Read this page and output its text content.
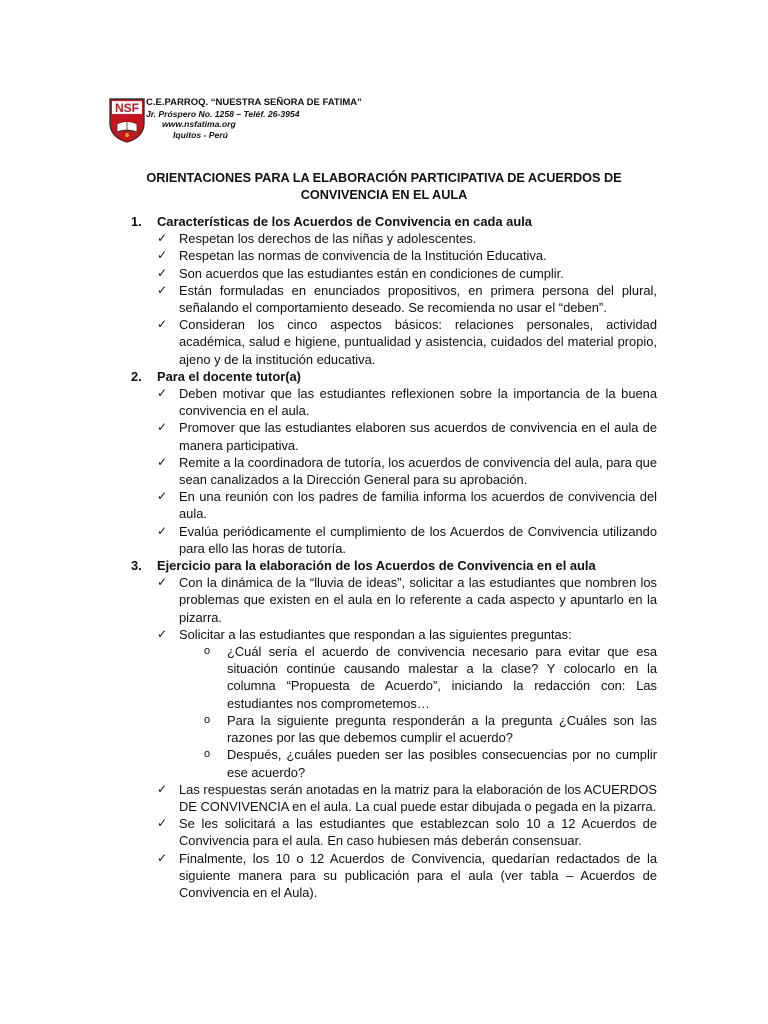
NSF C.E.PARROQ. “NUESTRA SEÑORA DE FATIMA”
Jr. Próspero No. 1258 – Teléf. 26-3954
www.nsfatima.org
Iquitos - Perú
ORIENTACIONES PARA LA ELABORACIÓN PARTICIPATIVA DE ACUERDOS DE CONVIVENCIA EN EL AULA
1. Características de los Acuerdos de Convivencia en cada aula
✓ Respetan los derechos de las niñas y adolescentes.
✓ Respetan las normas de convivencia de la Institución Educativa.
✓ Son acuerdos que las estudiantes están en condiciones de cumplir.
✓ Están formuladas en enunciados propositivos, en primera persona del plural, señalando el comportamiento deseado. Se recomienda no usar el “deben”.
✓ Consideran los cinco aspectos básicos: relaciones personales, actividad académica, salud e higiene, puntualidad y asistencia, cuidados del material propio, ajeno y de la institución educativa.
2. Para el docente tutor(a)
✓ Deben motivar que las estudiantes reflexionen sobre la importancia de la buena convivencia en el aula.
✓ Promover que las estudiantes elaboren sus acuerdos de convivencia en el aula de manera participativa.
✓ Remite a la coordinadora de tutoría, los acuerdos de convivencia del aula, para que sean canalizados a la Dirección General para su aprobación.
✓ En una reunión con los padres de familia informa los acuerdos de convivencia del aula.
✓ Evalúa periódicamente el cumplimiento de los Acuerdos de Convivencia utilizando para ello las horas de tutoría.
3. Ejercicio para la elaboración de los Acuerdos de Convivencia en el aula
✓ Con la dinámica de la “lluvia de ideas”, solicitar a las estudiantes que nombren los problemas que existen en el aula en lo referente a cada aspecto y apuntarlo en la pizarra.
✓ Solicitar a las estudiantes que respondan a las siguientes preguntas:
o ¿Cuál sería el acuerdo de convivencia necesario para evitar que esa situación continúe causando malestar a la clase? Y colocarlo en la columna “Propuesta de Acuerdo”, iniciando la redacción con: Las estudiantes nos comprometemos…
o Para la siguiente pregunta responderán a la pregunta ¿Cuáles son las razones por las que debemos cumplir el acuerdo?
o Después, ¿cuáles pueden ser las posibles consecuencias por no cumplir ese acuerdo?
✓ Las respuestas serán anotadas en la matriz para la elaboración de los ACUERDOS DE CONVIVENCIA en el aula. La cual puede estar dibujada o pegada en la pizarra.
✓ Se les solicitará a las estudiantes que establezcan solo 10 a 12 Acuerdos de Convivencia para el aula. En caso hubiesen más deberán consensuar.
✓ Finalmente, los 10 o 12 Acuerdos de Convivencia, quedarían redactados de la siguiente manera para su publicación para el aula (ver tabla – Acuerdos de Convivencia en el Aula).
